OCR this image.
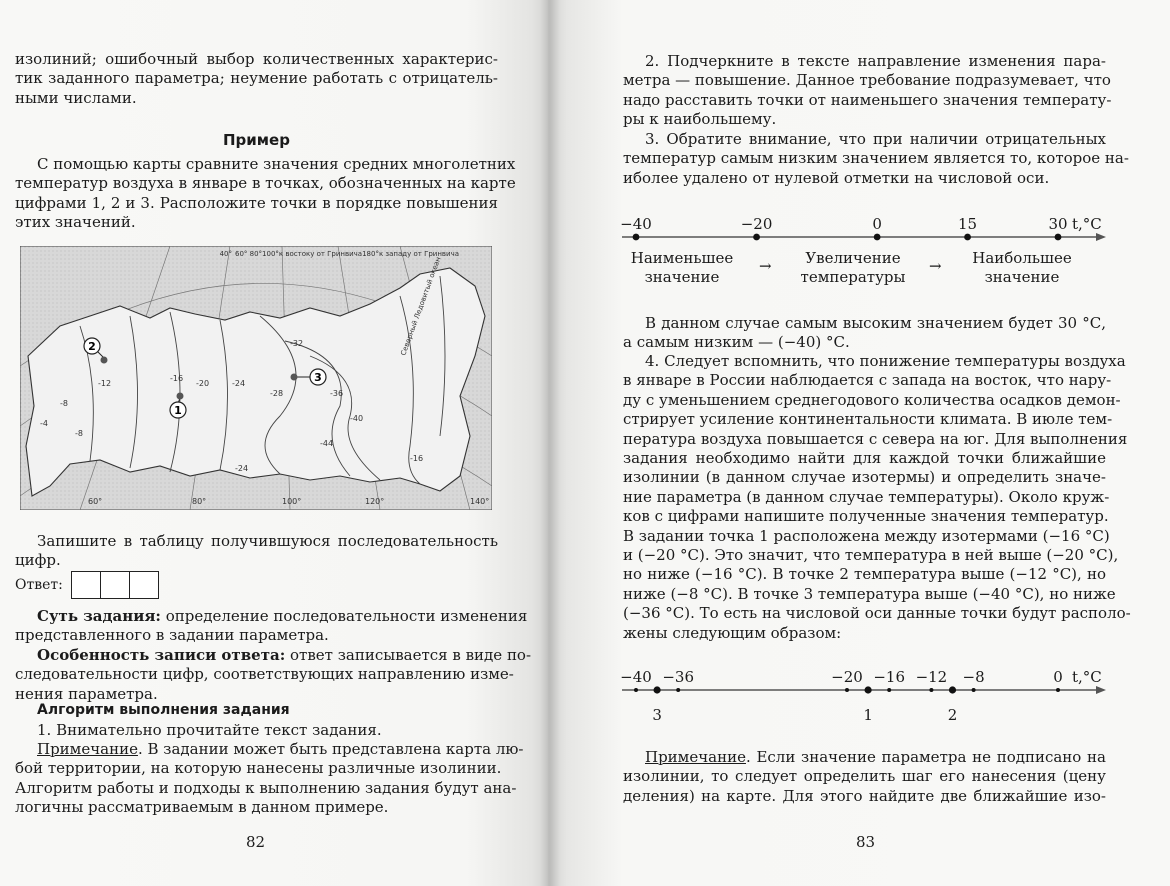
изолиний; ошибочный выбор количественных характерис-
тик заданного параметра; неумение работать с отрицатель-
ными числами.
Пример
С помощью карты сравните значения средних многолетних
температур воздуха в январе в точках, обозначенных на карте
цифрами 1, 2 и 3. Расположите точки в порядке повышения
этих значений.
60° 80°100°к востоку от Гринвича180°к западу от Гринвича
40°
Северный Ледовитый океан
-12
-16
-20	-24
-28
-32
-36
-40
-44
-8
-4
-8
-24
-16
60°	80°	100°	120°	140°
1
2
3
Запишите в таблицу получившуюся последовательность
цифр.
Ответ:
Суть задания: определение последовательности изменения
представленного в задании параметра.
Особенность записи ответа: ответ записывается в виде по-
следовательности цифр, соответствующих направлению изме-
нения параметра.
Алгоритм выполнения задания
1. Внимательно прочитайте текст задания.
Примечание. В задании может быть представлена карта лю-
бой территории, на которую нанесены различные изолинии.
Алгоритм работы и подходы к выполнению задания будут ана-
логичны рассматриваемым в данном примере.
82
2. Подчеркните в тексте направление изменения пара-
метра — повышение. Данное требование подразумевает, что
надо расставить точки от наименьшего значения температу-
ры к наибольшему.
3. Обратите внимание, что при наличии отрицательных
температур самым низким значением является то, которое на-
иболее удалено от нулевой отметки на числовой оси.
−40	−20	0	15	30 t,°C
Наименьшее
значение
→	Увеличение
температуры
→	Наибольшее
значение
В данном случае самым высоким значением будет 30 °С,
а самым низким — (−40) °С.
4. Следует вспомнить, что понижение температуры воздуха
в январе в России наблюдается с запада на восток, что нару-
ду с уменьшением среднегодового количества осадков демон-
стрирует усиление континентальности климата. В июле тем-
пература воздуха повышается с севера на юг. Для выполнения
задания необходимо найти для каждой точки ближайшие
изолинии (в данном случае изотермы) и определить значе-
ние параметра (в данном случае температуры). Около круж-
ков с цифрами напишите полученные значения температур.
В задании точка 1 расположена между изотермами (−16 °С)
и (−20 °С). Это значит, что температура в ней выше (−20 °С),
но ниже (−16 °С). В точке 2 температура выше (−12 °С), но
ниже (−8 °С). В точке 3 температура выше (−40 °С), но ниже
(−36 °С). То есть на числовой оси данные точки будут располо-
жены следующим образом:
−40 −36	−20 −16 −12 −8	0 t,°C
3	1	2
Примечание. Если значение параметра не подписано на
изолинии, то следует определить шаг его нанесения (цену
деления) на карте. Для этого найдите две ближайшие изо-
83
